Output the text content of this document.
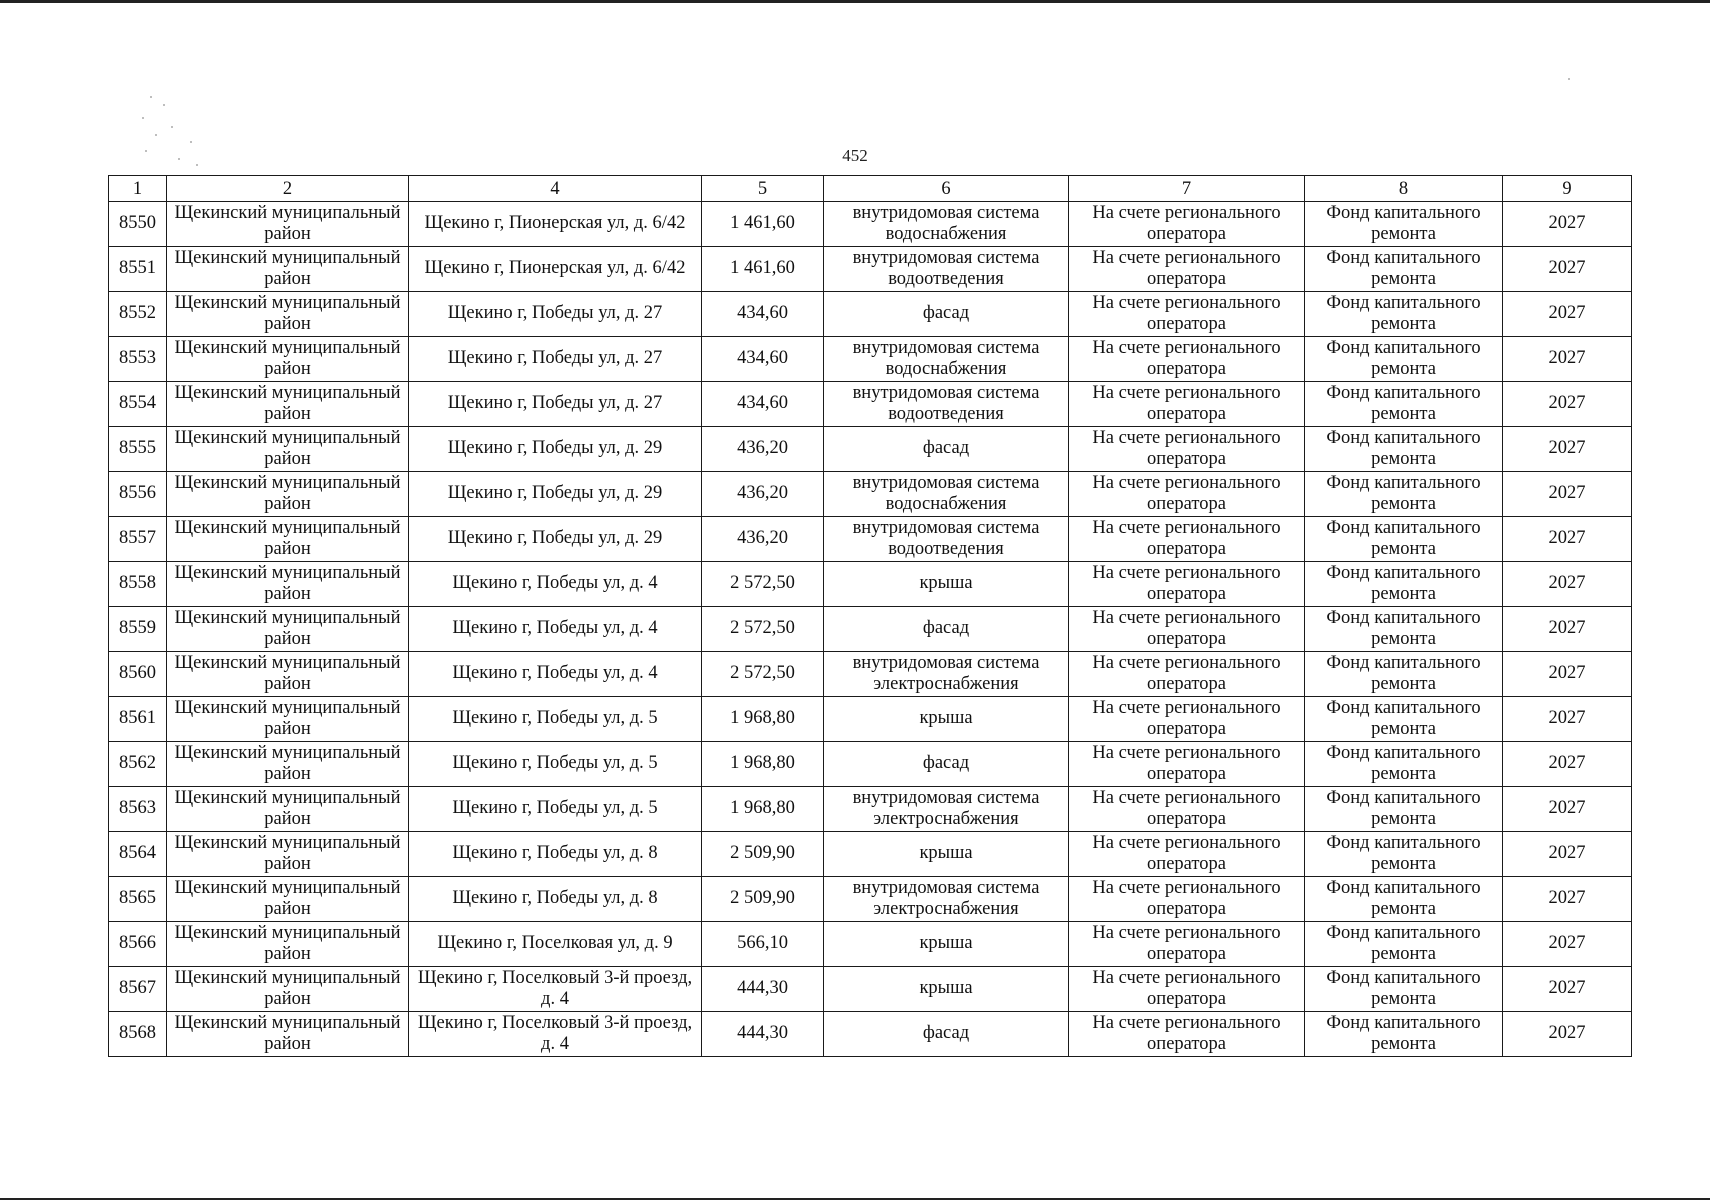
452
1	2	4	5	6	7	8	9
8550	Щекинский муниципальный район	Щекино г, Пионерская ул, д. 6/42	1 461,60	внутридомовая система водоснабжения	На счете регионального оператора	Фонд капитального ремонта	2027
8551	Щекинский муниципальный район	Щекино г, Пионерская ул, д. 6/42	1 461,60	внутридомовая система водоотведения	На счете регионального оператора	Фонд капитального ремонта	2027
8552	Щекинский муниципальный район	Щекино г, Победы ул, д. 27	434,60	фасад	На счете регионального оператора	Фонд капитального ремонта	2027
8553	Щекинский муниципальный район	Щекино г, Победы ул, д. 27	434,60	внутридомовая система водоснабжения	На счете регионального оператора	Фонд капитального ремонта	2027
8554	Щекинский муниципальный район	Щекино г, Победы ул, д. 27	434,60	внутридомовая система водоотведения	На счете регионального оператора	Фонд капитального ремонта	2027
8555	Щекинский муниципальный район	Щекино г, Победы ул, д. 29	436,20	фасад	На счете регионального оператора	Фонд капитального ремонта	2027
8556	Щекинский муниципальный район	Щекино г, Победы ул, д. 29	436,20	внутридомовая система водоснабжения	На счете регионального оператора	Фонд капитального ремонта	2027
8557	Щекинский муниципальный район	Щекино г, Победы ул, д. 29	436,20	внутридомовая система водоотведения	На счете регионального оператора	Фонд капитального ремонта	2027
8558	Щекинский муниципальный район	Щекино г, Победы ул, д. 4	2 572,50	крыша	На счете регионального оператора	Фонд капитального ремонта	2027
8559	Щекинский муниципальный район	Щекино г, Победы ул, д. 4	2 572,50	фасад	На счете регионального оператора	Фонд капитального ремонта	2027
8560	Щекинский муниципальный район	Щекино г, Победы ул, д. 4	2 572,50	внутридомовая система электроснабжения	На счете регионального оператора	Фонд капитального ремонта	2027
8561	Щекинский муниципальный район	Щекино г, Победы ул, д. 5	1 968,80	крыша	На счете регионального оператора	Фонд капитального ремонта	2027
8562	Щекинский муниципальный район	Щекино г, Победы ул, д. 5	1 968,80	фасад	На счете регионального оператора	Фонд капитального ремонта	2027
8563	Щекинский муниципальный район	Щекино г, Победы ул, д. 5	1 968,80	внутридомовая система электроснабжения	На счете регионального оператора	Фонд капитального ремонта	2027
8564	Щекинский муниципальный район	Щекино г, Победы ул, д. 8	2 509,90	крыша	На счете регионального оператора	Фонд капитального ремонта	2027
8565	Щекинский муниципальный район	Щекино г, Победы ул, д. 8	2 509,90	внутридомовая система электроснабжения	На счете регионального оператора	Фонд капитального ремонта	2027
8566	Щекинский муниципальный район	Щекино г, Поселковая ул, д. 9	566,10	крыша	На счете регионального оператора	Фонд капитального ремонта	2027
8567	Щекинский муниципальный район	Щекино г, Поселковый 3-й проезд, д. 4	444,30	крыша	На счете регионального оператора	Фонд капитального ремонта	2027
8568	Щекинский муниципальный район	Щекино г, Поселковый 3-й проезд, д. 4	444,30	фасад	На счете регионального оператора	Фонд капитального ремонта	2027
